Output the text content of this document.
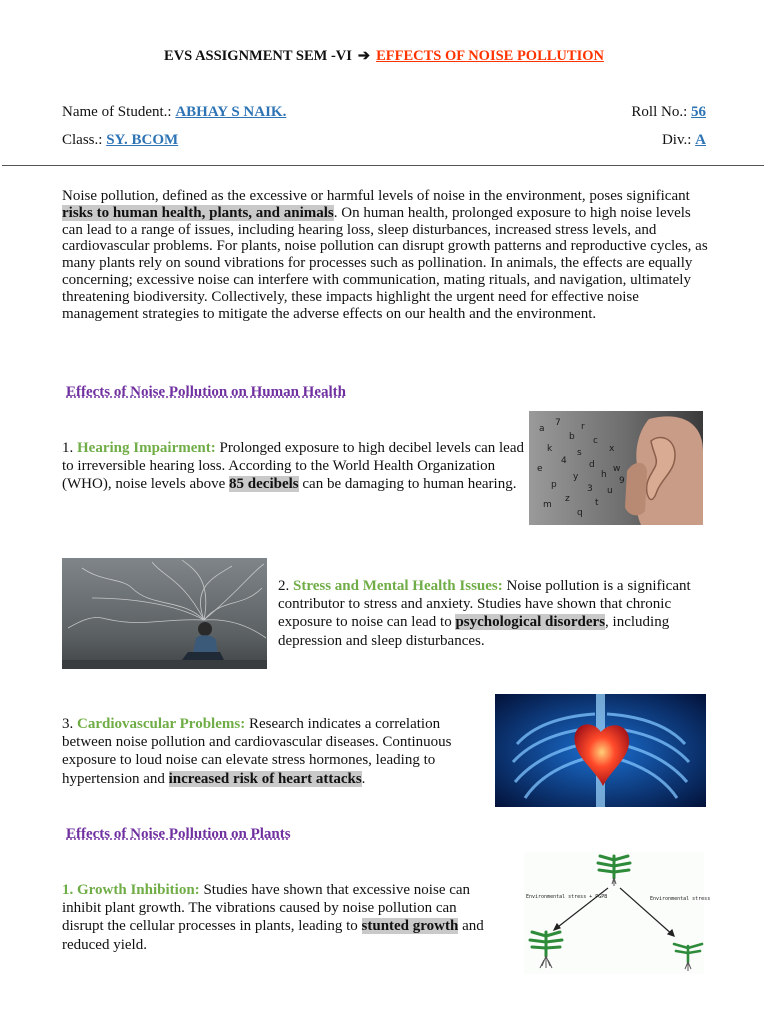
EVS ASSIGNMENT SEM -VI ➔ EFFECTS OF NOISE POLLUTION
Name of Student.: ABHAY S NAIK.	Roll No.: 56
Class.: SY. BCOM	Div.: A
Noise pollution, defined as the excessive or harmful levels of noise in the environment, poses significant risks to human health, plants, and animals. On human health, prolonged exposure to high noise levels can lead to a range of issues, including hearing loss, sleep disturbances, increased stress levels, and cardiovascular problems. For plants, noise pollution can disrupt growth patterns and reproductive cycles, as many plants rely on sound vibrations for processes such as pollination. In animals, the effects are equally concerning; excessive noise can interfere with communication, mating rituals, and navigation, ultimately threatening biodiversity. Collectively, these impacts highlight the urgent need for effective noise management strategies to mitigate the adverse effects on our health and the environment.
Effects of Noise Pollution on Human Health
1. Hearing Impairment: Prolonged exposure to high decibel levels can lead to irreversible hearing loss. According to the World Health Organization (WHO), noise levels above 85 decibels can be damaging to human hearing.
a
7
b
k
r
e
4
s
p
y
d
m
z
3
h
q
t
u
w
c
x
9
2. Stress and Mental Health Issues: Noise pollution is a significant contributor to stress and anxiety. Studies have shown that chronic exposure to noise can lead to psychological disorders, including depression and sleep disturbances.
3. Cardiovascular Problems: Research indicates a correlation between noise pollution and cardiovascular diseases. Continuous exposure to loud noise can elevate stress hormones, leading to hypertension and increased risk of heart attacks.
Effects of Noise Pollution on Plants
1. Growth Inhibition: Studies have shown that excessive noise can inhibit plant growth. The vibrations caused by noise pollution can disrupt the cellular processes in plants, leading to stunted growth and reduced yield.
Environmental stress + PGPB	Environmental stress
